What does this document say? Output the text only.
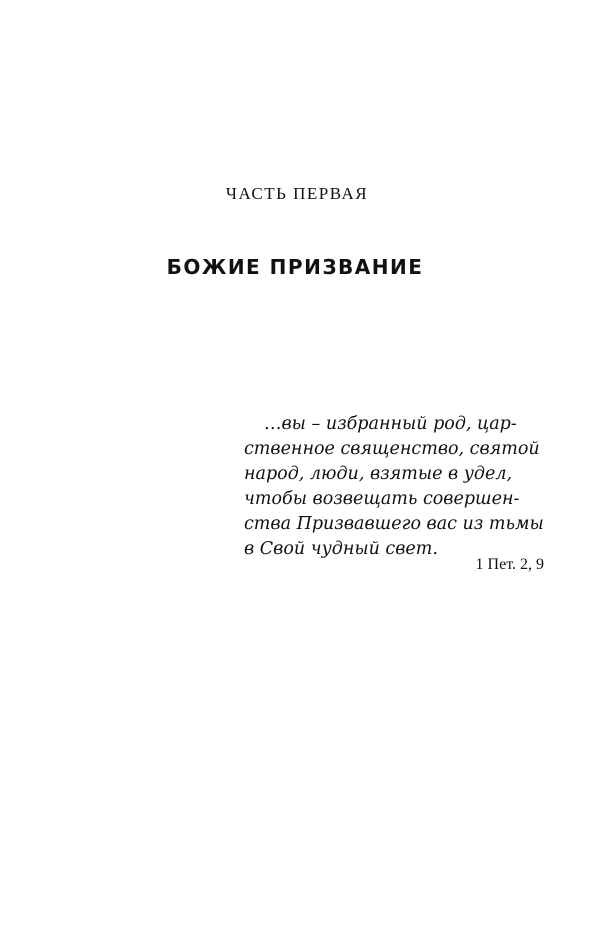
ЧАСТЬ ПЕРВАЯ
БОЖИЕ ПРИЗВАНИЕ
…вы – избранный род, цар-
ственное священство, святой
народ, люди, взятые в удел,
чтобы возвещать совершен-
ства Призвавшего вас из тьмы
в Свой чудный свет.
1 Пет. 2, 9
